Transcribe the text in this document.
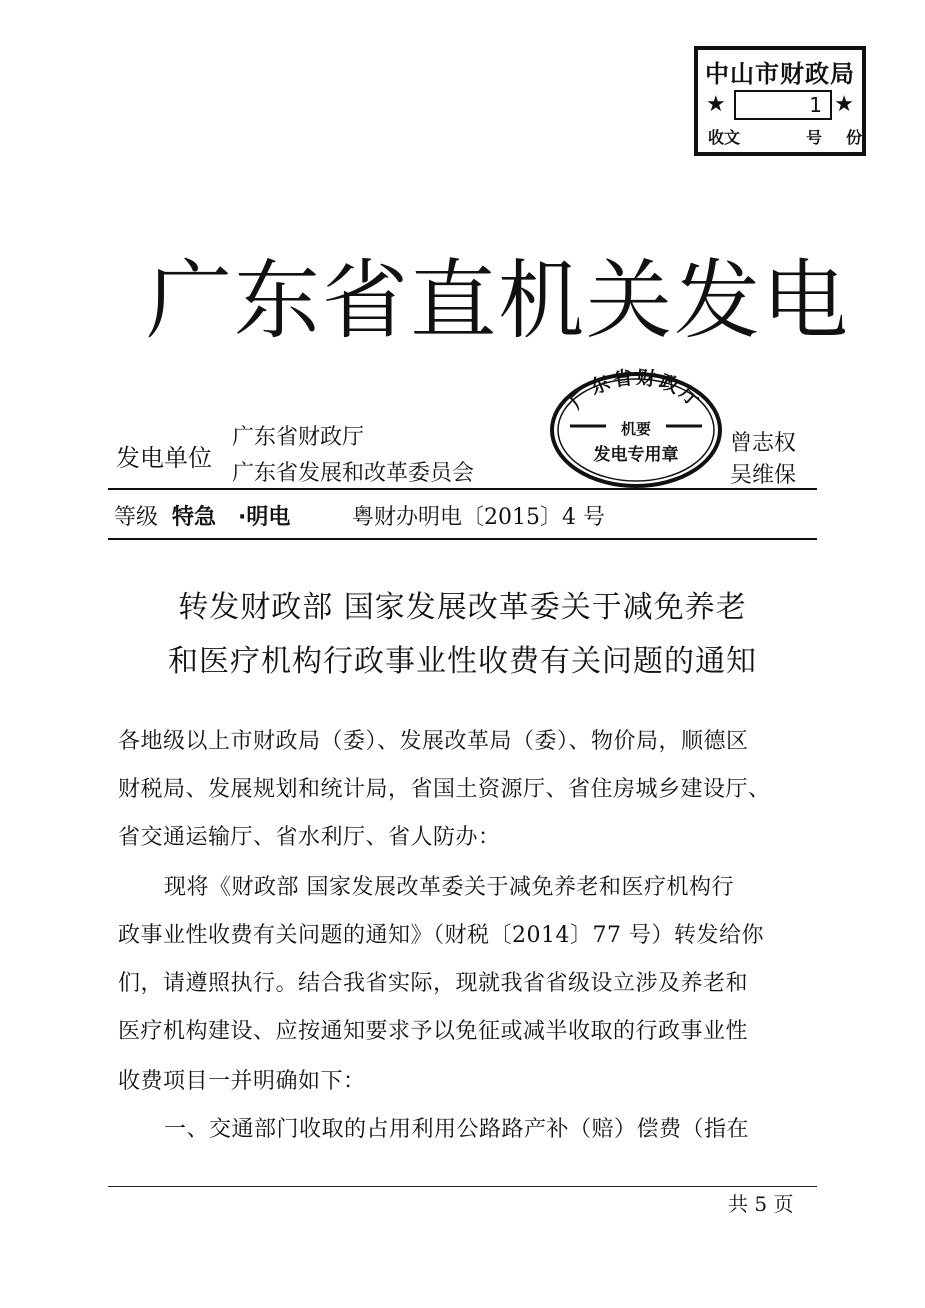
中山市财政局
★	1 ★
收文	号 份
广东省直机关发电
发电单位
广东省财政厅
广东省发展和改革委员会
曾志权
吴维保
广东省财政厅
机要
发电专用章
等级 特急 ·明电	粤财办明电〔2015〕4 号
转发财政部 国家发展改革委关于减免养老
和医疗机构行政事业性收费有关问题的通知
各地级以上市财政局（委）、发展改革局（委）、物价局，顺德区
财税局、发展规划和统计局，省国土资源厅、省住房城乡建设厅、
省交通运输厅、省水利厅、省人防办：
现将《财政部 国家发展改革委关于减免养老和医疗机构行
政事业性收费有关问题的通知》（财税〔2014〕77 号）转发给你
们，请遵照执行。结合我省实际，现就我省省级设立涉及养老和
医疗机构建设、应按通知要求予以免征或减半收取的行政事业性
收费项目一并明确如下：
一、交通部门收取的占用利用公路路产补（赔）偿费（指在
共 5 页
